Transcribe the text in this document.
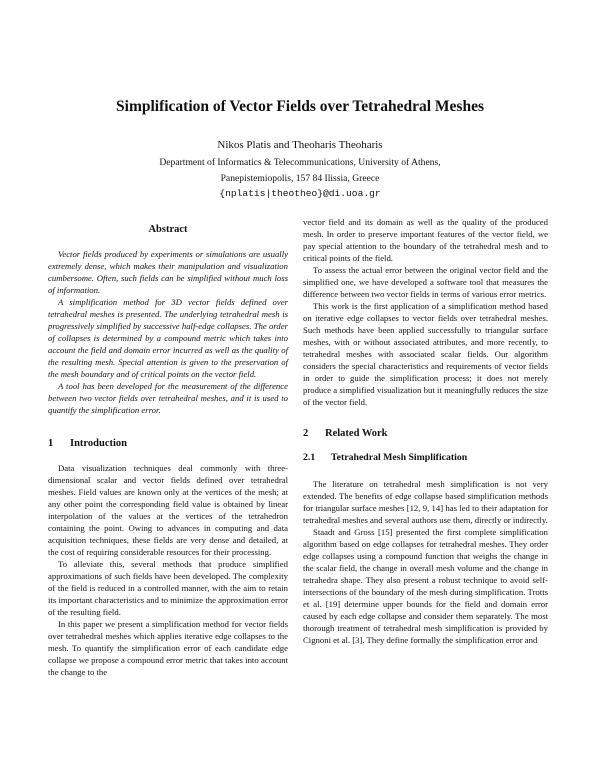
Simplification of Vector Fields over Tetrahedral Meshes
Nikos Platis and Theoharis Theoharis
Department of Informatics & Telecommunications, University of Athens,
Panepistemiopolis, 157 84 Ilissia, Greece
{nplatis|theotheo}@di.uoa.gr
Abstract

Vector fields produced by experiments or simulations are usually extremely dense, which makes their manipulation and visualization cumbersome. Often, such fields can be simplified without much loss of information.

A simplification method for 3D vector fields defined over tetrahedral meshes is presented. The underlying tetrahedral mesh is progressively simplified by successive half-edge collapses. The order of collapses is determined by a compound metric which takes into account the field and domain error incurred as well as the quality of the resulting mesh. Special attention is given to the preservation of the mesh boundary and of critical points on the vector field.

A tool has been developed for the measurement of the difference between two vector fields over tetrahedral meshes, and it is used to quantify the simplification error.

1	Introduction

Data visualization techniques deal commonly with three-dimensional scalar and vector fields defined over tetrahedral meshes. Field values are known only at the vertices of the mesh; at any other point the corresponding field value is obtained by linear interpolation of the values at the vertices of the tetrahedron containing the point. Owing to advances in computing and data acquisition techniques, these fields are very dense and detailed, at the cost of requiring considerable resources for their processing.

To alleviate this, several methods that produce simplified approximations of such fields have been developed. The complexity of the field is reduced in a controlled manner, with the aim to retain its important characteristics and to minimize the approximation error of the resulting field.

In this paper we present a simplification method for vector fields over tetrahedral meshes which applies iterative edge collapses to the mesh. To quantify the simplification error of each candidate edge collapse we propose a compound error metric that takes into account the change to the

vector field and its domain as well as the quality of the produced mesh. In order to preserve important features of the vector field, we pay special attention to the boundary of the tetrahedral mesh and to critical points of the field.

To assess the actual error between the original vector field and the simplified one, we have developed a software tool that measures the difference between two vector fields in terms of various error metrics.

This work is the first application of a simplification method based on iterative edge collapses to vector fields over tetrahedral meshes. Such methods have been applied successfully to triangular surface meshes, with or without associated attributes, and more recently, to tetrahedral meshes with associated scalar fields. Our algorithm considers the special characteristics and requirements of vector fields in order to guide the simplification process; it does not merely produce a simplified visualization but it meaningfully reduces the size of the vector field.

2	Related Work
2.1	Tetrahedral Mesh Simplification

The literature on tetrahedral mesh simplification is not very extended. The benefits of edge collapse based simplification methods for triangular surface meshes [12, 9, 14] has led to their adaptation for tetrahedral meshes and several authors use them, directly or indirectly.

Staadt and Gross [15] presented the first complete simplification algorithm based on edge collapses for tetrahedral meshes. They order edge collapses using a compound function that weighs the change in the scalar field, the change in overall mesh volume and the change in tetrahedra shape. They also present a robust technique to avoid self-intersections of the boundary of the mesh during simplification. Trotts et al. [19] determine upper bounds for the field and domain error caused by each edge collapse and consider them separately. The most thorough treatment of tetrahedral mesh simplification is provided by Cignoni et al. [3]. They define formally the simplification error and
